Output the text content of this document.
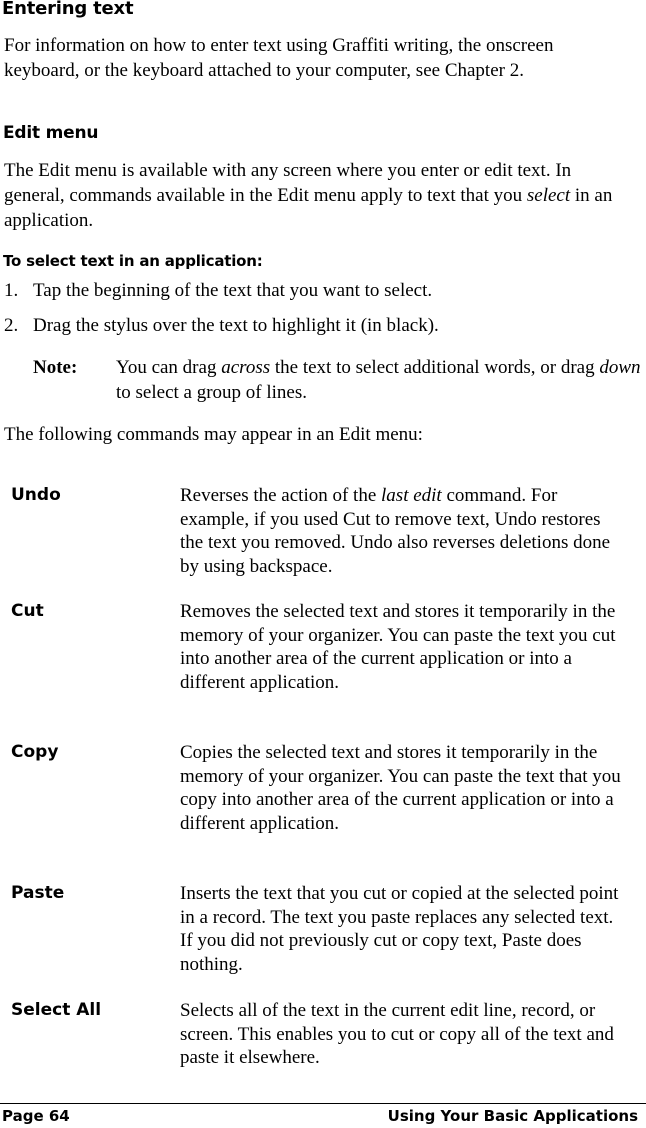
Entering text
For information on how to enter text using Graffiti writing, the onscreen keyboard, or the keyboard attached to your computer, see Chapter 2.
Edit menu
The Edit menu is available with any screen where you enter or edit text. In general, commands available in the Edit menu apply to text that you select in an application.
To select text in an application:
1. Tap the beginning of the text that you want to select.
2. Drag the stylus over the text to highlight it (in black).
Note: You can drag across the text to select additional words, or drag down to select a group of lines.
The following commands may appear in an Edit menu:
Undo	Reverses the action of the last edit command. For example, if you used Cut to remove text, Undo restores the text you removed. Undo also reverses deletions done by using backspace.
Cut	Removes the selected text and stores it temporarily in the memory of your organizer. You can paste the text you cut into another area of the current application or into a different application.
Copy	Copies the selected text and stores it temporarily in the memory of your organizer. You can paste the text that you copy into another area of the current application or into a different application.
Paste	Inserts the text that you cut or copied at the selected point in a record. The text you paste replaces any selected text. If you did not previously cut or copy text, Paste does nothing.
Select All	Selects all of the text in the current edit line, record, or screen. This enables you to cut or copy all of the text and paste it elsewhere.
Page 64	Using Your Basic Applications
